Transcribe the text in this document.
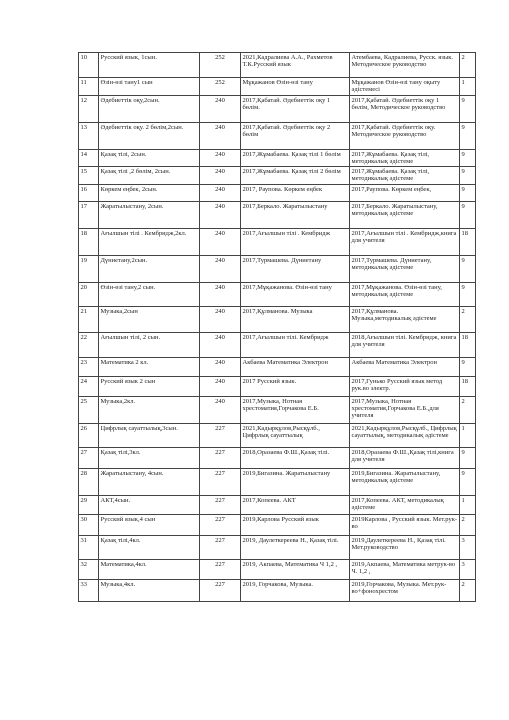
10	Русский язык, 1сын.	252	2021,Кадралиева А.А., Рахметов Т.К.Русский язык	Атембаева, Кадралиева, Русск. язык. Методическое руководство	2
11	Өзін-өзі тану1 сын	252	Мұқажанов Өзін-өзі тану	Мұқажанов Өзін-өзі тану оқыту әдістемесі	1
12	Әдебиеттік оқу,2сын.	240	2017,Қабатай. Әдебиеттік оқу 1 бөлім.	2017,Қабатай. Әдебиеттік оқу 1 бөлім, Методическое руководство	9
13	Әдебиеттік оқу. 2 бөлім,2сын.	240	2017,Қабатай. Әдебиеттік оқу 2 бөлім	2017,Қабатай. Әдебиеттік оқу. Методическое руководство	9
14	Қазақ тілі, 2сын.	240	2017,Жұмабаева. Қазақ тілі 1 бөлім	2017,Жұмабаева. Қазақ тілі, методикалық әдістеме	9
15	Қазақ тілі ,2 бөлім, 2сын.	240	2017,Жұмабаева. Қазақ тілі 2 бөлім	2017,Жұмабаева. Қазақ тілі, методикалық әдістеме	9
16	Көркем еңбек, 2сын.	240	2017, Раупова. Көркем еңбек	2017,Раупова. Көркем еңбек,	9
17	Жаратылыстану, 2сын.	240	2017,Беркало. Жаратылыстану	2017,Беркало. Жаратылыстану, методикалық әдістеме	9
18	Ағылшын тілі . Кембридж,2кл.	240	2017,Ағылшын тілі . Кембридж	2017,Ағылшын тілі . Кембридж,книга для учителя	18
19	Дүниетану,2сын.	240	2017,Турмашева. Дүниетану	2017,Турмашева. Дүниетану, методикалық әдістеме	9
20	Өзін-өзі тану,2 сын.	240	2017,Мұқажанова. Өзін-өзі тану	2017,Мұқажанова. Өзін-өзі тану, методикалық әдістеме	9
21	Музыка,2сын	240	2017,Құлманова. Музыка	2017,Құлманова. Музыка,методикалық әдістеме	2
22	Ағылшын тілі, 2 сын.	240	2017,Ағылшын тілі. Кембридж	2018,Ағылшын тілі. Кембридж, книга для учителя	18
23	Математика 2 кл.	240	Акбаева Математика Электрон	Акбаева Математика Электрон	9
24	Русский язык 2 сын	240	2017 Русский язык.	2017,Гунько Русский язык метод рук.во электр.	18
25	Музыка,2кл.	240	2017,Музыка, Нотная хрестоматия,Горчакова Е.Б.	2017,Музыка, Нотная хрестоматия,Горчакова Е.Б.,для учителя	2
26	Цифрлық сауаттылық,3сын.	227	2021,Кадырқұлов,Рысқұлб., Цифрлық сауаттылық	2021,Кадырқұлов,Рысқұлб., Цифрлық сауаттылық, методикалық әдістеме	1
27	Қазақ тілі,3кл.	227	2018,Оразаева Ф.Ш.,Қазақ тілі.	2018,Оразаева Ф.Ш.,Қазақ тілі,книга для учителя	9
28	Жаратылыстану, 4сын.	227	2019,Бигазина. Жаратылыстану	2019,Бигазина. Жаратылыстану, методикалық әдістеме	9
29	АКТ,4сын.	227	2017,Копеева. АКТ	2017,Копеева. АКТ, методикалық әдістеме	1
30	Русский язык,4 сын	227	2019,Карлова Русский язык	2019Карлова , Русский язык. Мет.рук-во	2
31	Қазақ тілі,4кл.	227	2019, Даулеткереева Н., Қазақ тілі.	2019,Даулеткереева Н., Қазақ тілі. Мет.руководство	3
32	Математика,4кл.	227	2019, Акпаева, Математика Ч 1,2 ,	2019,Акпаева, Математика метрук-во Ч. 1,2 ,	3
33	Музыка,4кл.	227	2019, Горчакова, Музыка.	2019,Горчакова, Музыка. Мет.рук-во+фонохрестом	2
